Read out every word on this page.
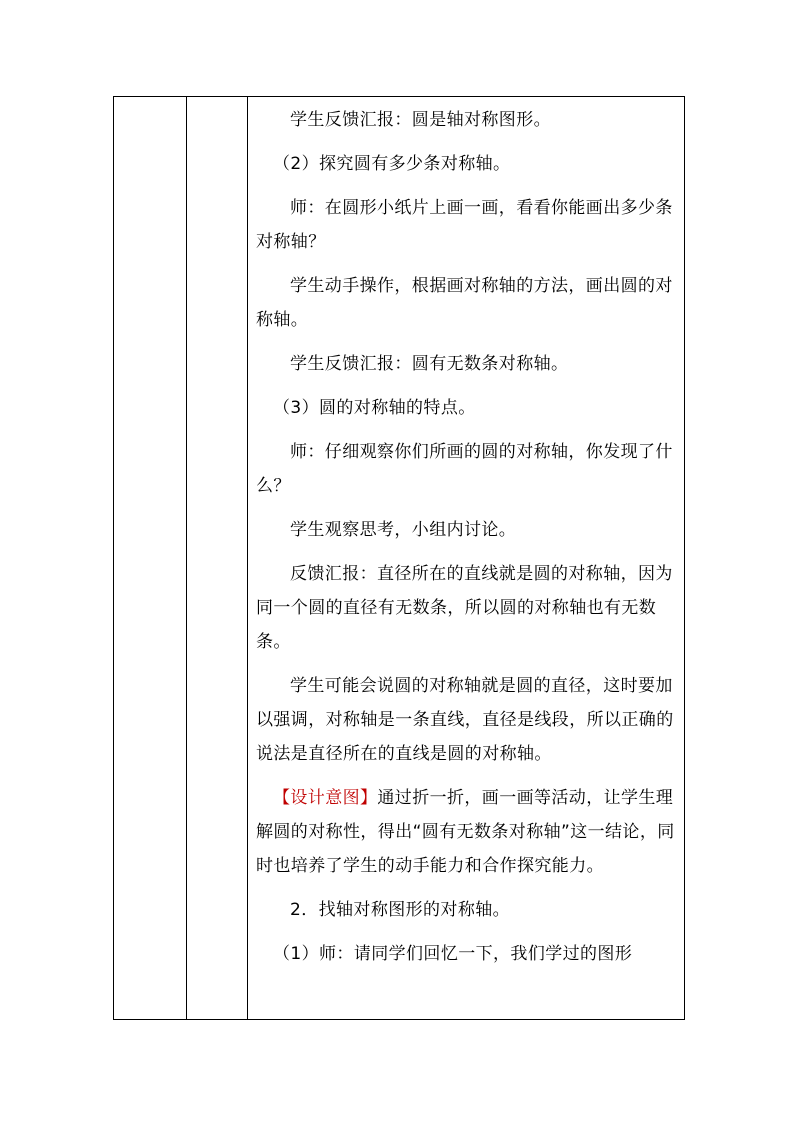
学生反馈汇报：圆是轴对称图形。

（2）探究圆有多少条对称轴。

师：在圆形小纸片上画一画，看看你能画出多少条对称轴？

学生动手操作，根据画对称轴的方法，画出圆的对称轴。

学生反馈汇报：圆有无数条对称轴。

（3）圆的对称轴的特点。

师：仔细观察你们所画的圆的对称轴，你发现了什么？

学生观察思考，小组内讨论。

反馈汇报：直径所在的直线就是圆的对称轴，因为同一个圆的直径有无数条，所以圆的对称轴也有无数条。

学生可能会说圆的对称轴就是圆的直径，这时要加以强调，对称轴是一条直线，直径是线段，所以正确的说法是直径所在的直线是圆的对称轴。

【设计意图】通过折一折，画一画等活动，让学生理解圆的对称性，得出“圆有无数条对称轴”这一结论，同时也培养了学生的动手能力和合作探究能力。

2．找轴对称图形的对称轴。

（1）师：请同学们回忆一下，我们学过的图形
